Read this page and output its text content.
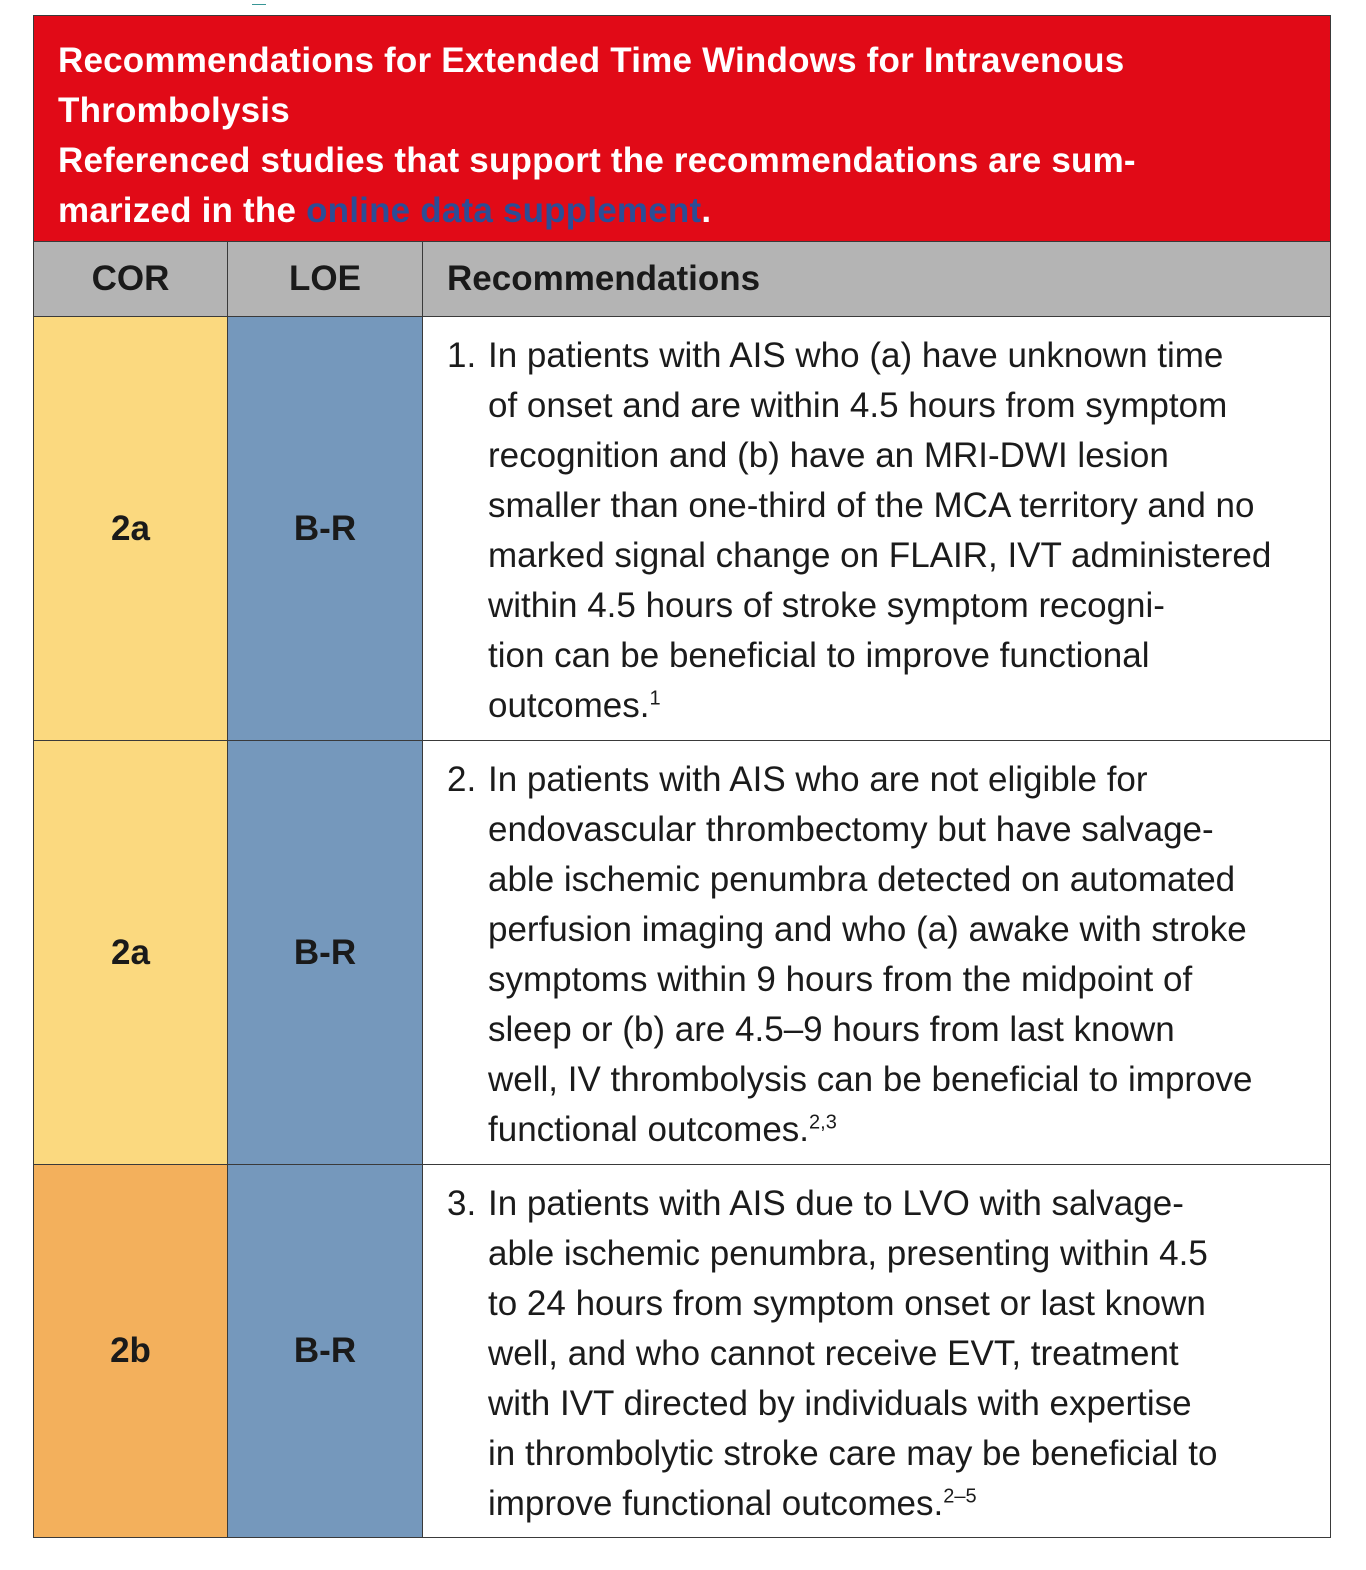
—
Recommendations for Extended Time Windows for Intravenous
Thrombolysis
Referenced studies that support the recommendations are sum-
marized in the online data supplement.
COR	LOE	Recommendations
2a	B-R
1. In patients with AIS who (a) have unknown time
of onset and are within 4.5 hours from symptom
recognition and (b) have an MRI-DWI lesion
smaller than one-third of the MCA territory and no
marked signal change on FLAIR, IVT administered
within 4.5 hours of stroke symptom recogni-
tion can be beneficial to improve functional
outcomes.$^1$
2a	B-R
2. In patients with AIS who are not eligible for
endovascular thrombectomy but have salvage-
able ischemic penumbra detected on automated
perfusion imaging and who (a) awake with stroke
symptoms within 9 hours from the midpoint of
sleep or (b) are 4.5–9 hours from last known
well, IV thrombolysis can be beneficial to improve
functional outcomes.$^{2,3}$
2b	B-R
3. In patients with AIS due to LVO with salvage-
able ischemic penumbra, presenting within 4.5
to 24 hours from symptom onset or last known
well, and who cannot receive EVT, treatment
with IVT directed by individuals with expertise
in thrombolytic stroke care may be beneficial to
improve functional outcomes.$^{2-5}$
